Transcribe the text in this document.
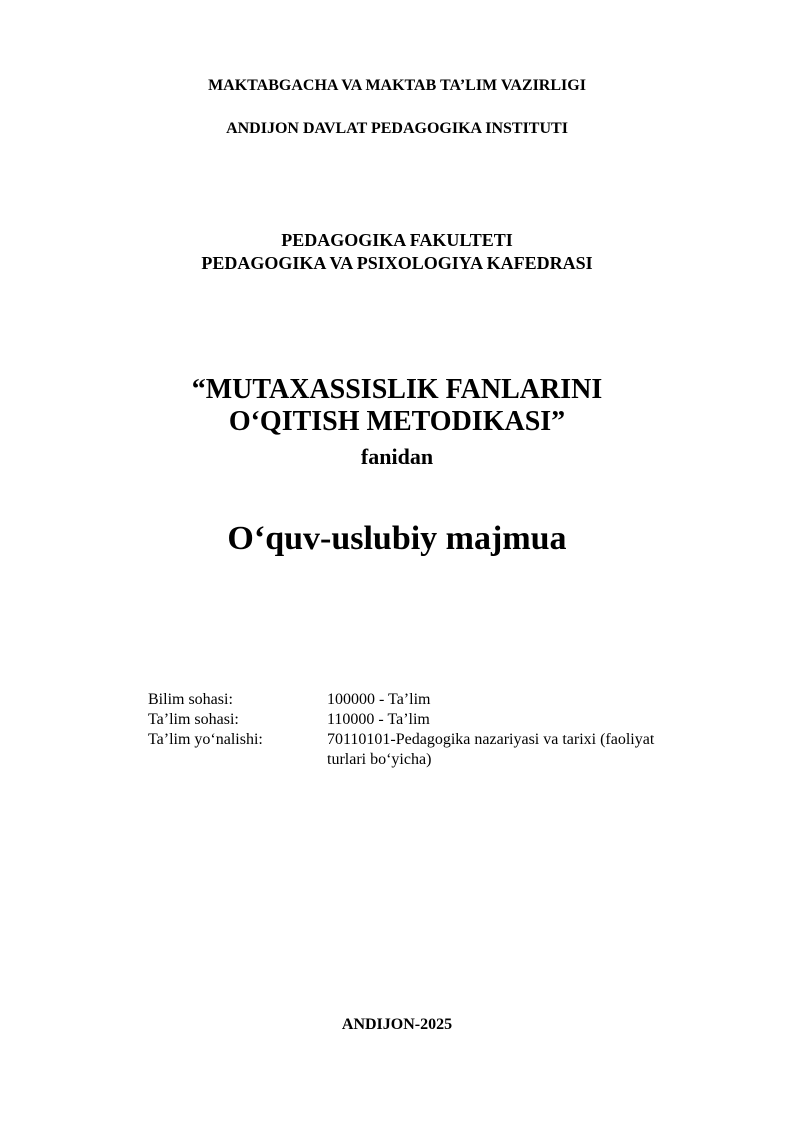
MAKTABGACHA VA MAKTAB TA’LIM VAZIRLIGI
ANDIJON DAVLAT PEDAGOGIKA INSTITUTI
PEDAGOGIKA FAKULTETI
PEDAGOGIKA VA PSIXOLOGIYA KAFEDRASI
“MUTAXASSISLIK FANLARINI
O‘QITISH METODIKASI”
fanidan
O‘quv-uslubiy majmua
Bilim sohasi:	100000 - Ta’lim
Ta’lim sohasi:	110000 - Ta’lim
Ta’lim yo‘nalishi:	70110101-Pedagogika nazariyasi va tarixi (faoliyat
turlari bo‘yicha)
ANDIJON-2025
